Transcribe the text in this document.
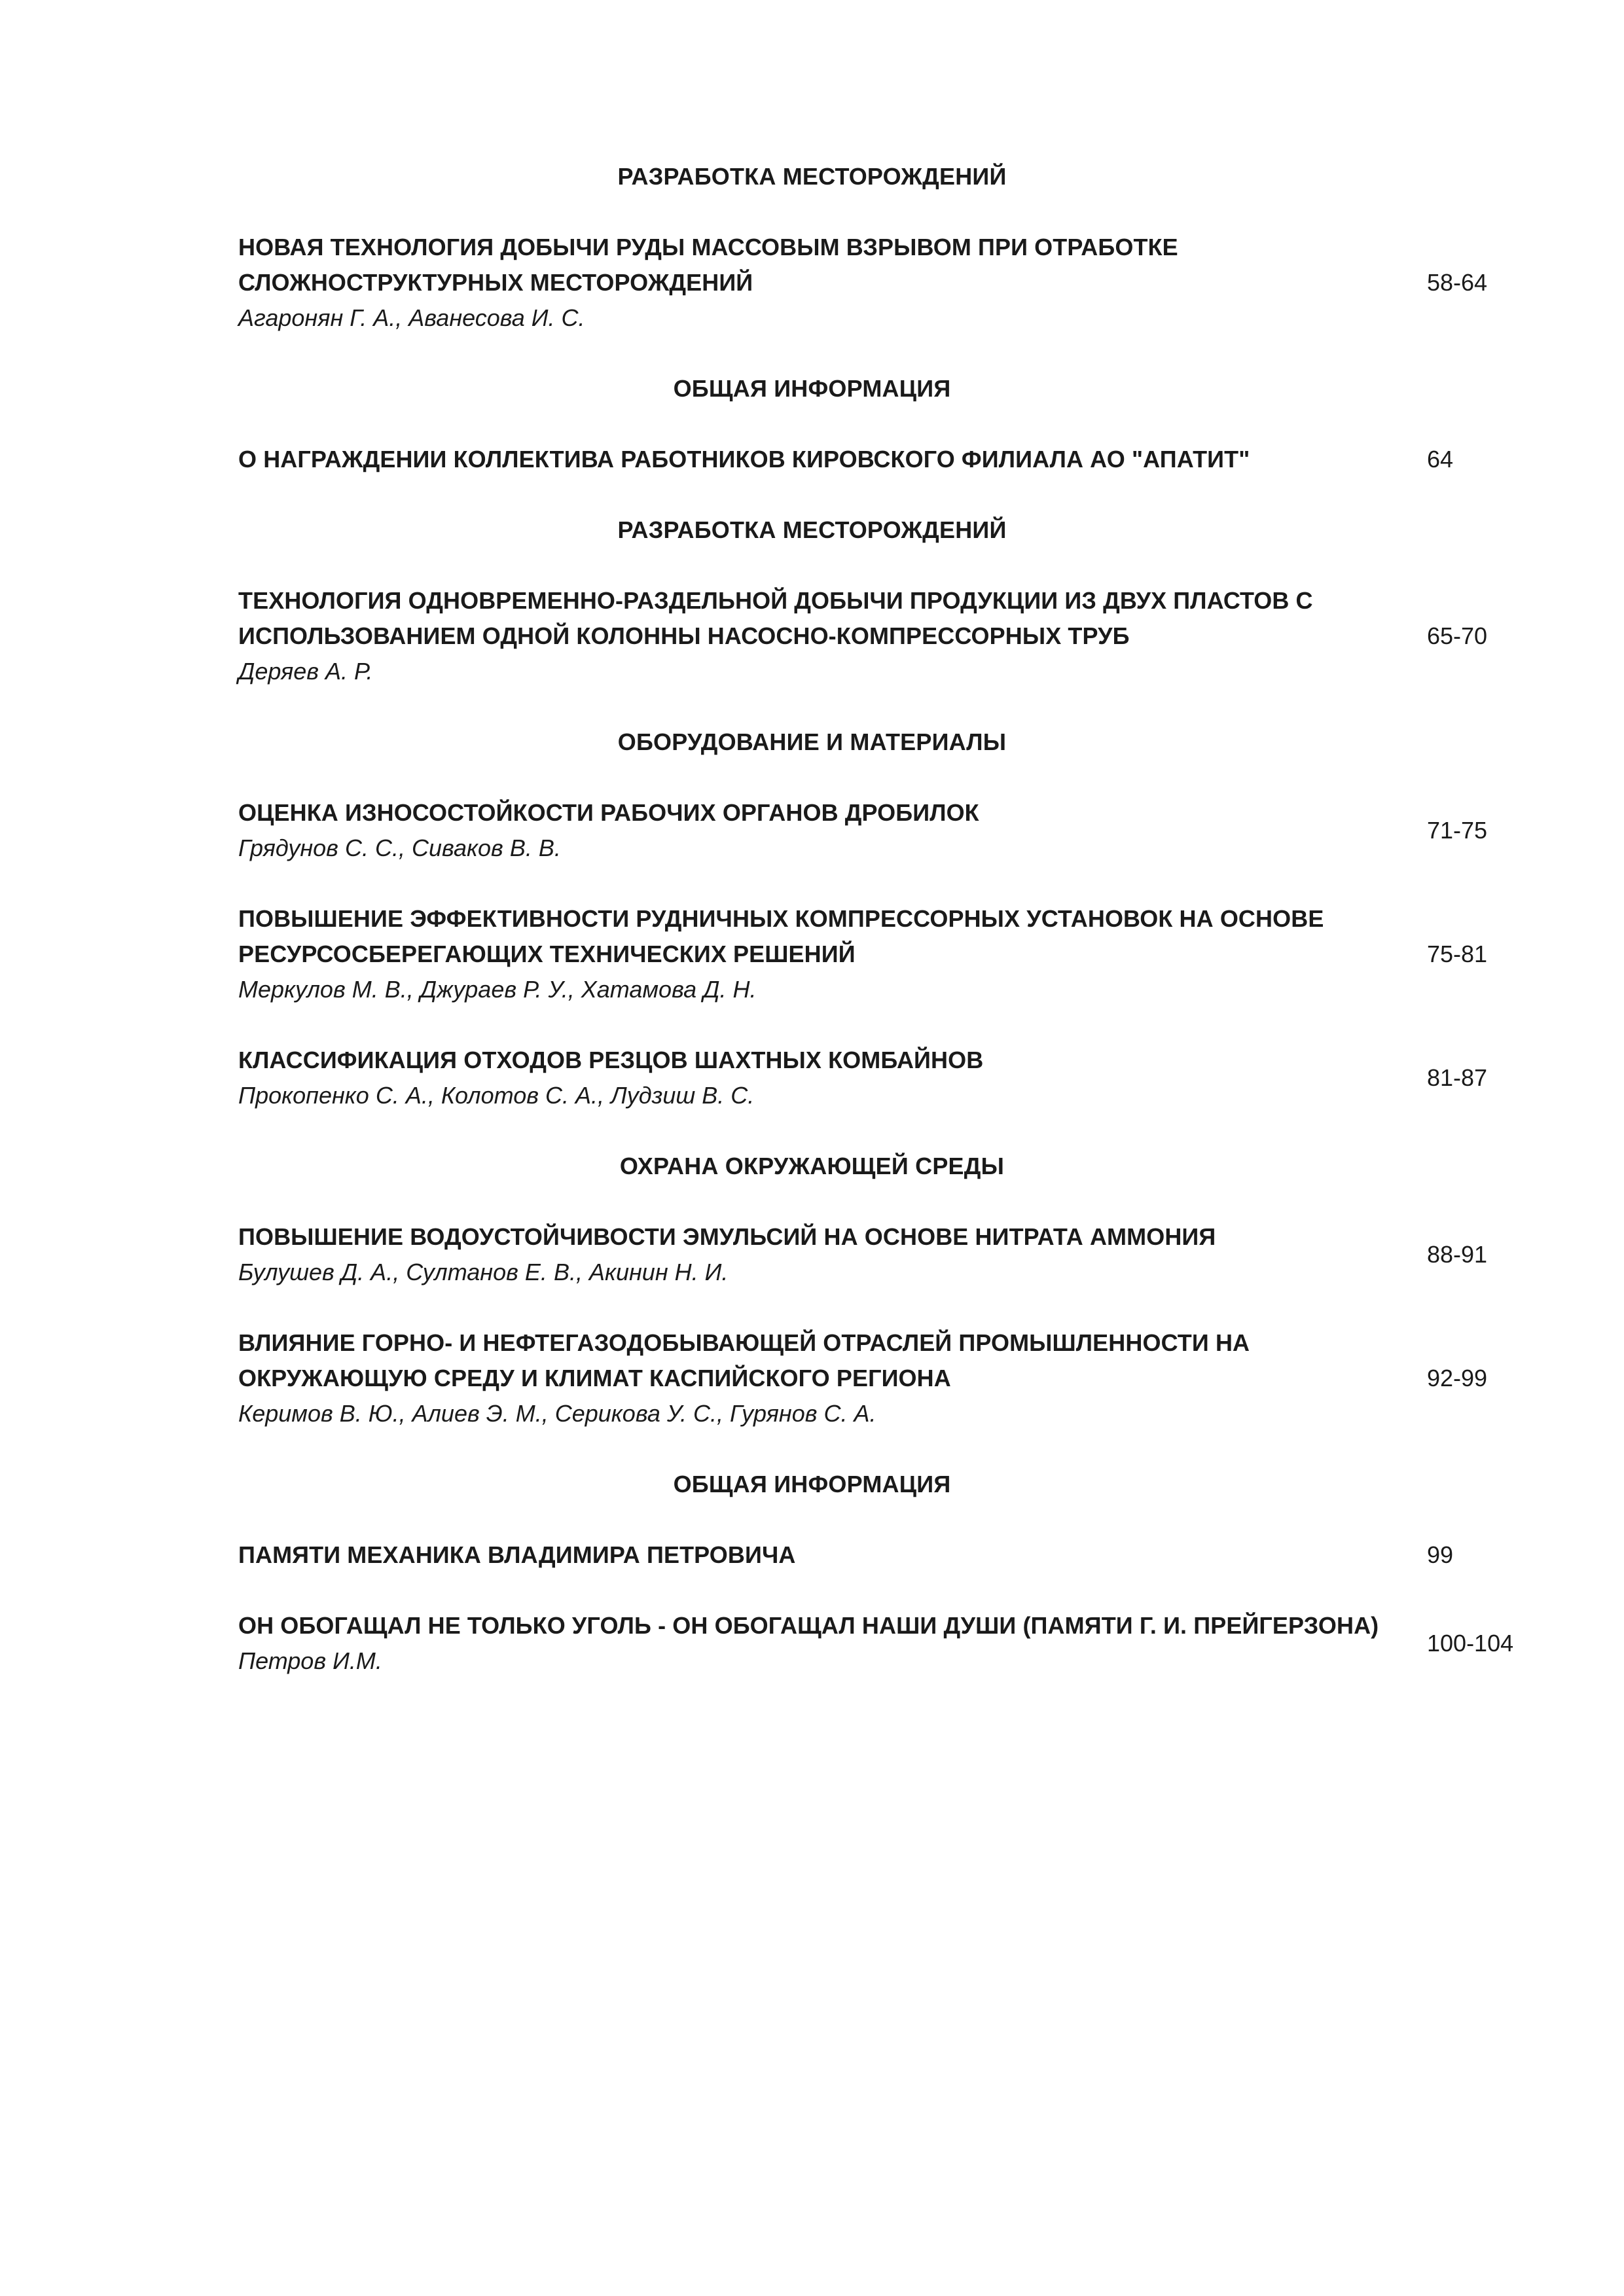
РАЗРАБОТКА МЕСТОРОЖДЕНИЙ
НОВАЯ ТЕХНОЛОГИЯ ДОБЫЧИ РУДЫ МАССОВЫМ ВЗРЫВОМ ПРИ ОТРАБОТКЕ
СЛОЖНОСТРУКТУРНЫХ МЕСТОРОЖДЕНИЙ
Агаронян Г. А., Аванесова И. С.
58-64
ОБЩАЯ ИНФОРМАЦИЯ
О НАГРАЖДЕНИИ КОЛЛЕКТИВА РАБОТНИКОВ КИРОВСКОГО ФИЛИАЛА АО "АПАТИТ"	64
РАЗРАБОТКА МЕСТОРОЖДЕНИЙ
ТЕХНОЛОГИЯ ОДНОВРЕМЕННО-РАЗДЕЛЬНОЙ ДОБЫЧИ ПРОДУКЦИИ ИЗ ДВУХ ПЛАСТОВ С
ИСПОЛЬЗОВАНИЕМ ОДНОЙ КОЛОННЫ НАСОСНО-КОМПРЕССОРНЫХ ТРУБ
Деряев А. Р.
65-70
ОБОРУДОВАНИЕ И МАТЕРИАЛЫ
ОЦЕНКА ИЗНОСОСТОЙКОСТИ РАБОЧИХ ОРГАНОВ ДРОБИЛОК
Грядунов С. С., Сиваков В. В.
71-75
ПОВЫШЕНИЕ ЭФФЕКТИВНОСТИ РУДНИЧНЫХ КОМПРЕССОРНЫХ УСТАНОВОК НА ОСНОВЕ
РЕСУРСОСБЕРЕГАЮЩИХ ТЕХНИЧЕСКИХ РЕШЕНИЙ
Меркулов М. В., Джураев Р. У., Хатамова Д. Н.
75-81
КЛАССИФИКАЦИЯ ОТХОДОВ РЕЗЦОВ ШАХТНЫХ КОМБАЙНОВ
Прокопенко С. А., Колотов С. А., Лудзиш В. С.
81-87
ОХРАНА ОКРУЖАЮЩЕЙ СРЕДЫ
ПОВЫШЕНИЕ ВОДОУСТОЙЧИВОСТИ ЭМУЛЬСИЙ НА ОСНОВЕ НИТРАТА АММОНИЯ
Булушев Д. А., Султанов Е. В., Акинин Н. И.
88-91
ВЛИЯНИЕ ГОРНО- И НЕФТЕГАЗОДОБЫВАЮЩЕЙ ОТРАСЛЕЙ ПРОМЫШЛЕННОСТИ НА
ОКРУЖАЮЩУЮ СРЕДУ И КЛИМАТ КАСПИЙСКОГО РЕГИОНА
Керимов В. Ю., Алиев Э. М., Серикова У. С., Гурянов С. А.
92-99
ОБЩАЯ ИНФОРМАЦИЯ
ПАМЯТИ МЕХАНИКА ВЛАДИМИРА ПЕТРОВИЧА	99
ОН ОБОГАЩАЛ НЕ ТОЛЬКО УГОЛЬ - ОН ОБОГАЩАЛ НАШИ ДУШИ (ПАМЯТИ Г. И. ПРЕЙГЕРЗОНА)
Петров И.М.
100-104
